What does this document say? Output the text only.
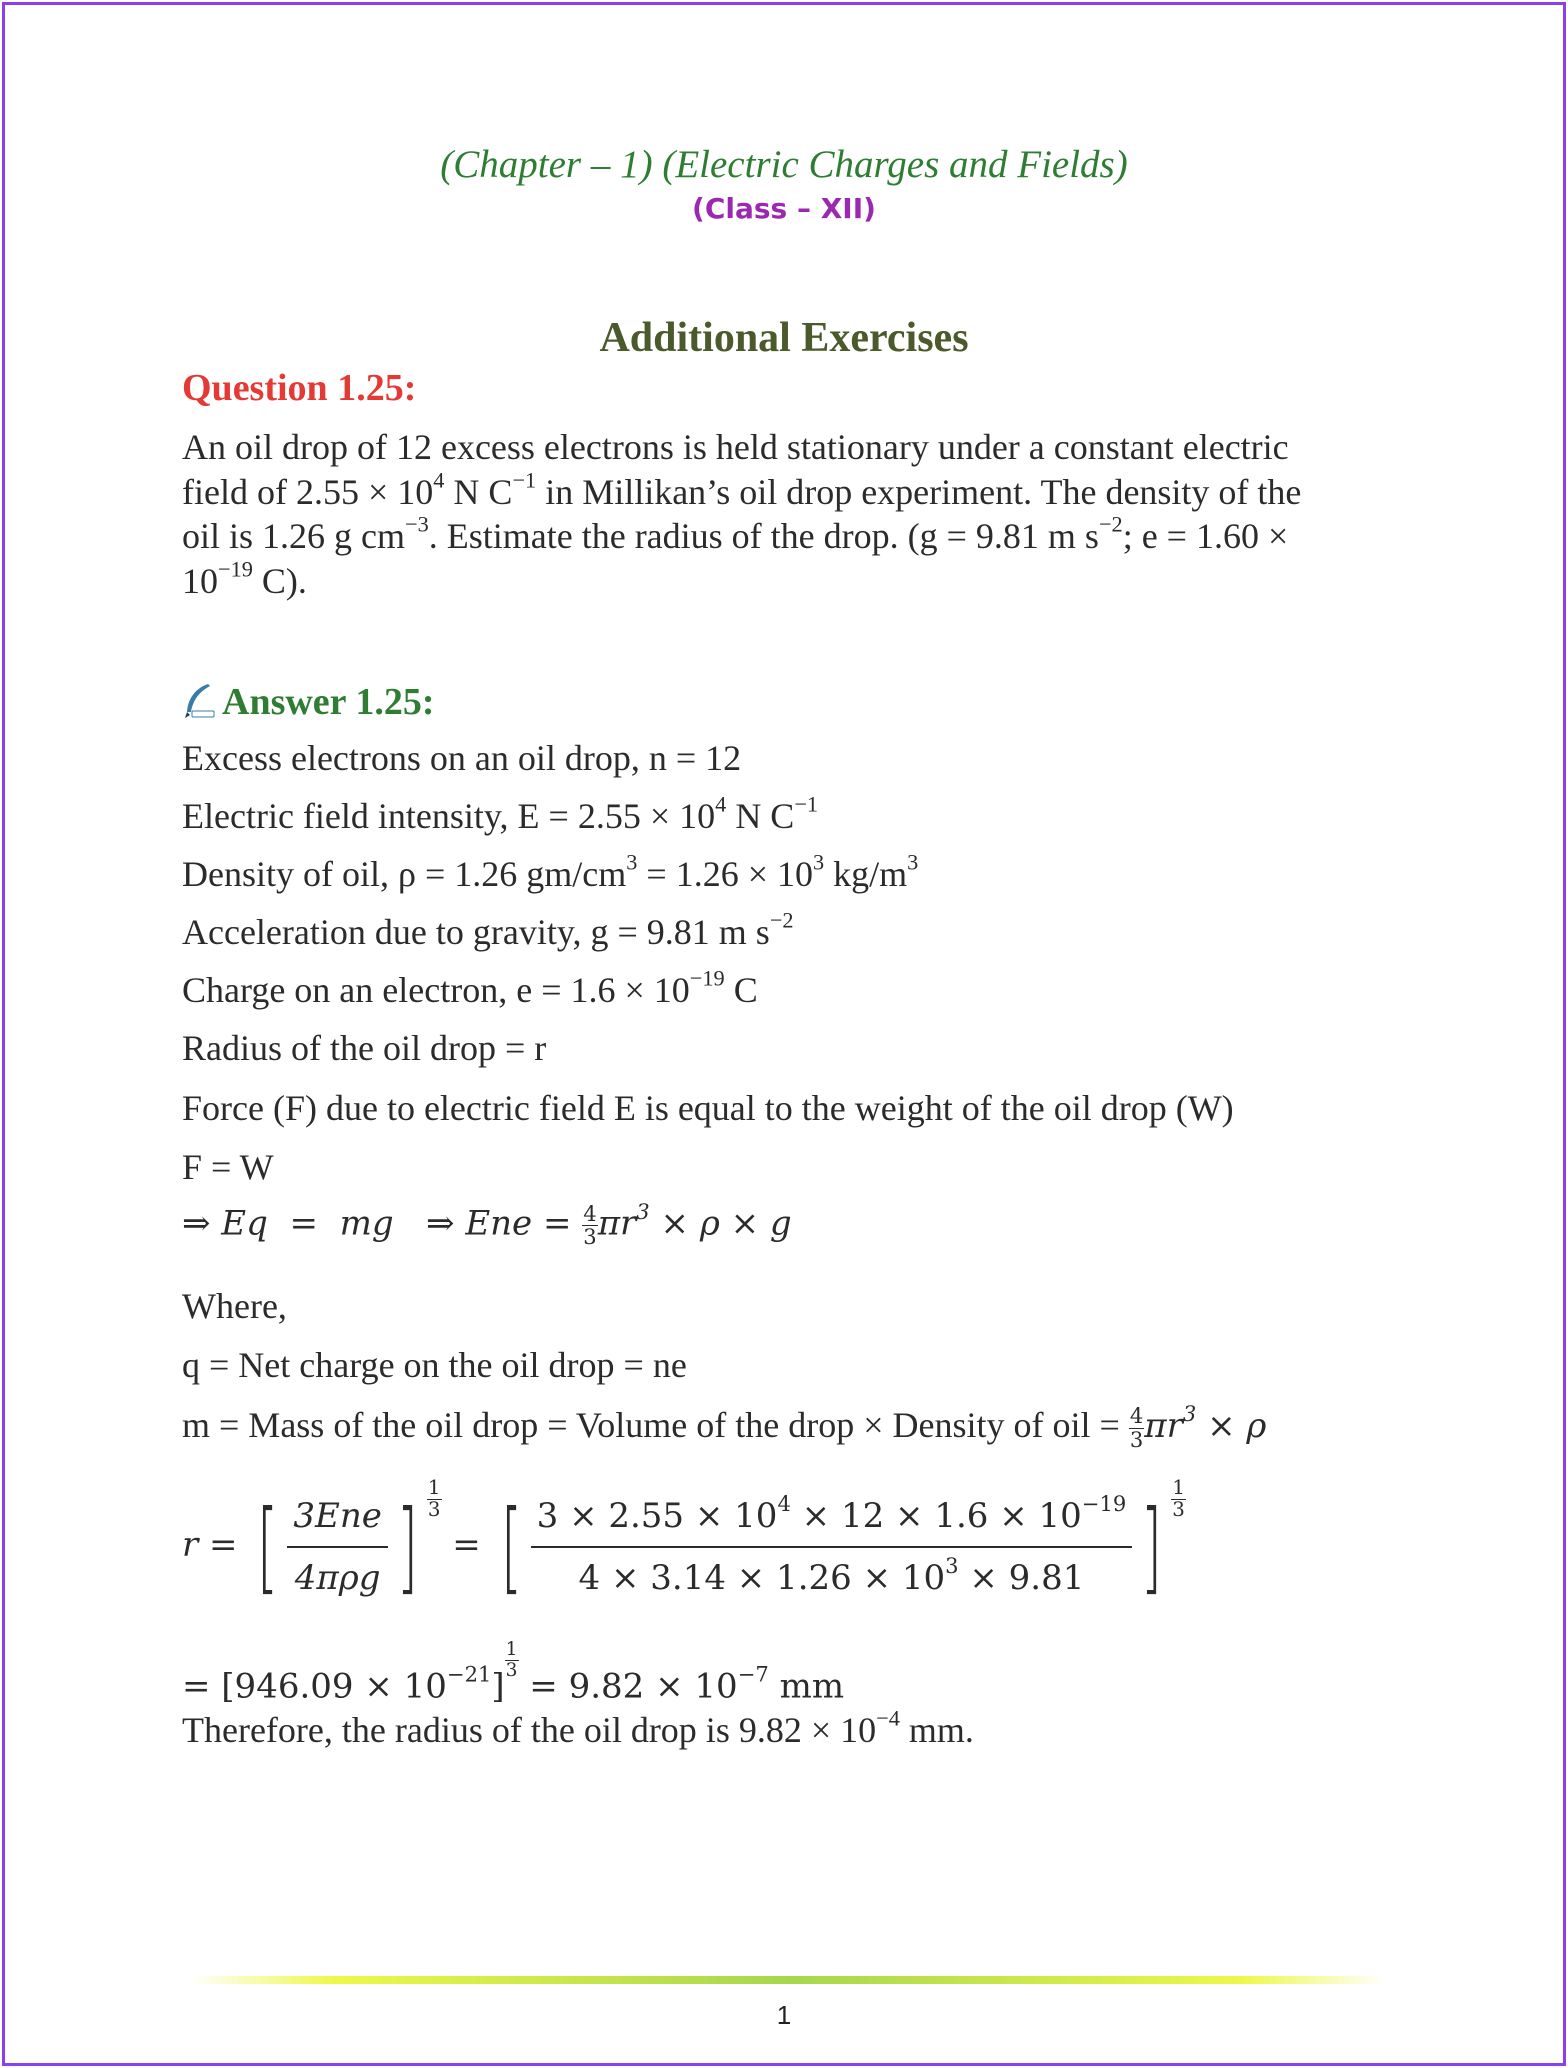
(Chapter – 1) (Electric Charges and Fields)
(Class – XII)
Additional Exercises
Question 1.25:
An oil drop of 12 excess electrons is held stationary under a constant electric
field of $2.55 \times 10^4$ N $C^{-1}$ in Millikan’s oil drop experiment. The density of the
oil is 1.26 g $cm^{-3}$. Estimate the radius of the drop. (g = 9.81 m $s^{-2}$; e = 1.60 ×
$10^{-19}$ C).
Answer 1.25:
Excess electrons on an oil drop, n = 12
Electric field intensity, $E = 2.55 \times 10^4$ N $C^{-1}$
Density of oil, ρ = 1.26 $gm/cm^3 = 1.26 \times 10^3$ $kg/m^3$
Acceleration due to gravity, g = 9.81 m $s^{-2}$
Charge on an electron, $e = 1.6 \times 10^{-19}$ C
Radius of the oil drop = r
Force (F) due to electric field E is equal to the weight of the oil drop (W)
F = W
⇒ Eq  =  mg   ⇒ Ene = $\frac{4}{3} \pi r^3 \times \rho \times g$
Where,
q = Net charge on the oil drop = ne
m = Mass of the oil drop = Volume of the drop × Density of oil = $\frac{4}{3} \pi r^3 \times \rho$
r = [ $\frac{\text{3Ene}}{\text{4πρg}}$ ] $\frac{1}{3}$
= [ $\frac{3 \times 2.55 \times 10^4 \times 12 \times 1.6 \times 10^{-19}}{4 \times 3.14 \times 1.26 \times 10^3 \times 9.81}$ ] $\frac{1}{3}$
= $[946.09 \times 10^{-21}]$
$\frac{1}{3}$
= $9.82 \times 10^{-7}$ mm
Therefore, the radius of the oil drop is $9.82 \times 10^{-4}$ mm.
1
